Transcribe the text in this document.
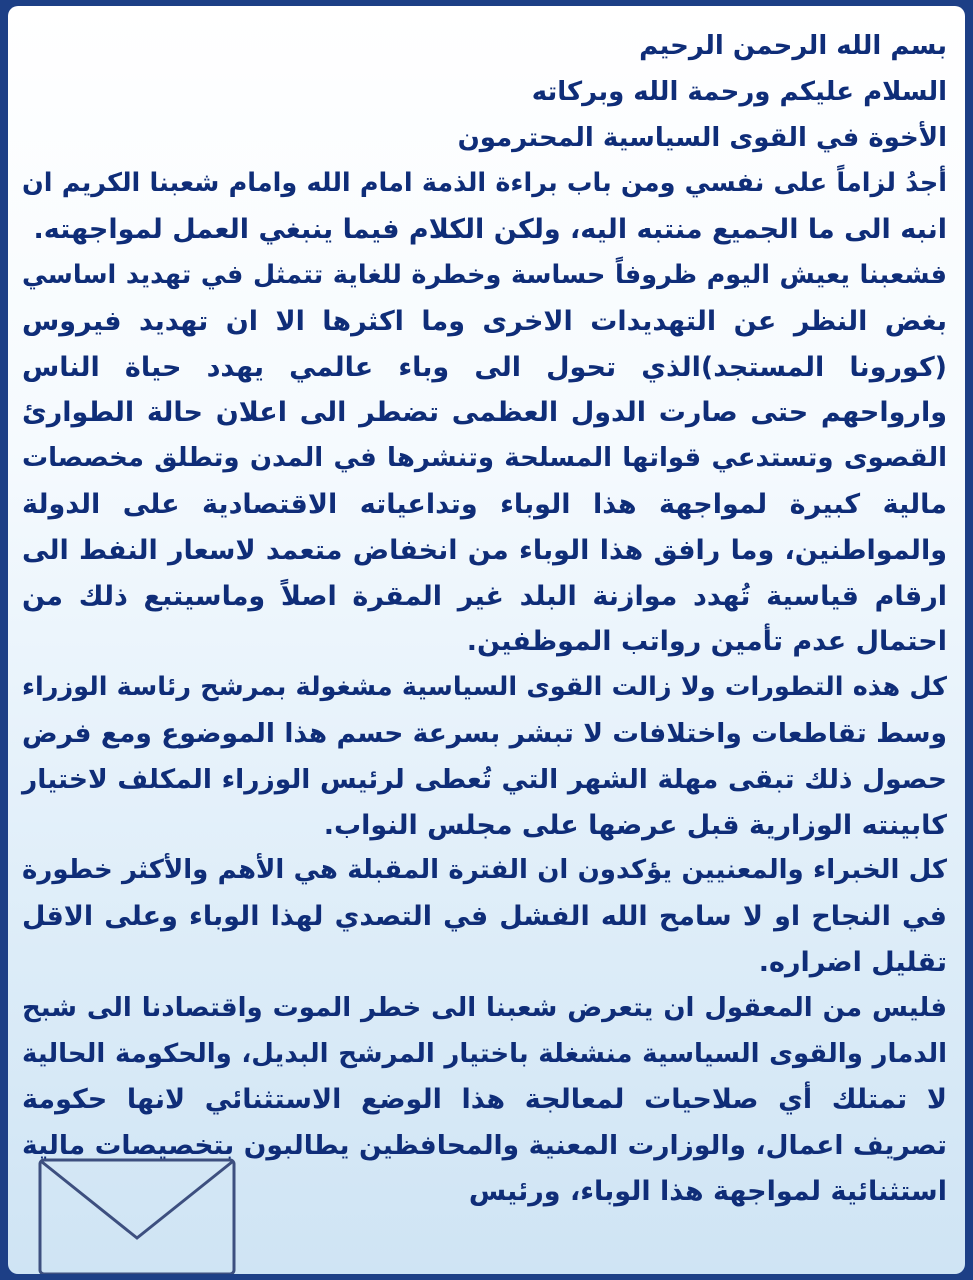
بسم الله الرحمن الرحيم
السلام عليكم ورحمة الله وبركاته
الأخوة في القوى السياسية المحترمون
أجدُ لزاماً على نفسي ومن باب براءة الذمة امام الله وامام شعبنا الكريم ان
انبه الى ما الجميع منتبه اليه، ولكن الكلام فيما ينبغي العمل لمواجهته.
فشعبنا يعيش اليوم ظروفاً حساسة وخطرة للغاية تتمثل في تهديد اساسي
بغض النظر عن التهديدات الاخرى وما اكثرها الا ان تهديد فيروس
(كورونا المستجد)الذي تحول الى وباء عالمي يهدد حياة الناس
وارواحهم حتى صارت الدول العظمى تضطر الى اعلان حالة الطوارئ
القصوى وتستدعي قواتها المسلحة وتنشرها في المدن وتطلق مخصصات
مالية كبيرة لمواجهة هذا الوباء وتداعياته الاقتصادية على الدولة
والمواطنين، وما رافق هذا الوباء من انخفاض متعمد لاسعار النفط الى
ارقام قياسية تُهدد موازنة البلد غير المقرة اصلاً وماسيتبع ذلك من
احتمال عدم تأمين رواتب الموظفين.
كل هذه التطورات ولا زالت القوى السياسية مشغولة بمرشح رئاسة الوزراء
وسط تقاطعات واختلافات لا تبشر بسرعة حسم هذا الموضوع ومع فرض
حصول ذلك تبقى مهلة الشهر التي تُعطى لرئيس الوزراء المكلف لاختيار
كابينته الوزارية قبل عرضها على مجلس النواب.
كل الخبراء والمعنيين يؤكدون ان الفترة المقبلة هي الأهم والأكثر خطورة
في النجاح او لا سامح الله الفشل في التصدي لهذا الوباء وعلى الاقل
تقليل اضراره.
فليس من المعقول ان يتعرض شعبنا الى خطر الموت واقتصادنا الى شبح
الدمار والقوى السياسية منشغلة باختيار المرشح البديل، والحكومة الحالية
لا تمتلك أي صلاحيات لمعالجة هذا الوضع الاستثنائي لانها حكومة
تصريف اعمال، والوزارت المعنية والمحافظين يطالبون بتخصيصات مالية
استثنائية لمواجهة هذا الوباء، ورئيس
